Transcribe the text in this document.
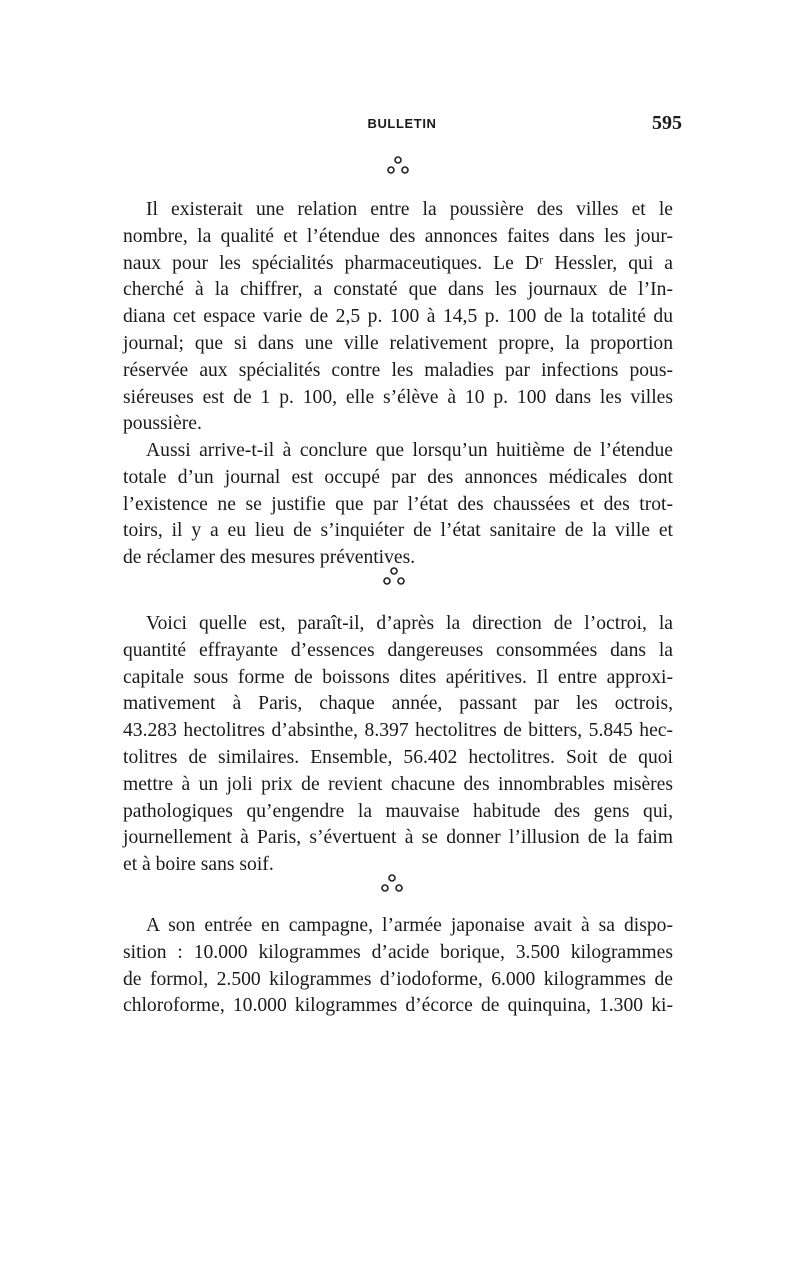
BULLETIN	595

Il existerait une relation entre la poussière des villes et le
nombre, la qualité et l’étendue des annonces faites dans les jour-
naux pour les spécialités pharmaceutiques. Le Dʳ Hessler, qui a
cherché à la chiffrer, a constaté que dans les journaux de l’In-
diana cet espace varie de 2,5 p. 100 à 14,5 p. 100 de la totalité du
journal; que si dans une ville relativement propre, la proportion
réservée aux spécialités contre les maladies par infections pous-
siéreuses est de 1 p. 100, elle s’élève à 10 p. 100 dans les villes
poussière.

Aussi arrive-t-il à conclure que lorsqu’un huitième de l’étendue
totale d’un journal est occupé par des annonces médicales dont
l’existence ne se justifie que par l’état des chaussées et des trot-
toirs, il y a eu lieu de s’inquiéter de l’état sanitaire de la ville et
de réclamer des mesures préventives.

Voici quelle est, paraît-il, d’après la direction de l’octroi, la
quantité effrayante d’essences dangereuses consommées dans la
capitale sous forme de boissons dites apéritives. Il entre approxi-
mativement à Paris, chaque année, passant par les octrois,
43.283 hectolitres d’absinthe, 8.397 hectolitres de bitters, 5.845 hec-
tolitres de similaires. Ensemble, 56.402 hectolitres. Soit de quoi
mettre à un joli prix de revient chacune des innombrables misères
pathologiques qu’engendre la mauvaise habitude des gens qui,
journellement à Paris, s’évertuent à se donner l’illusion de la faim
et à boire sans soif.

A son entrée en campagne, l’armée japonaise avait à sa dispo-
sition : 10.000 kilogrammes d’acide borique, 3.500 kilogrammes
de formol, 2.500 kilogrammes d’iodoforme, 6.000 kilogrammes de
chloroforme, 10.000 kilogrammes d’écorce de quinquina, 1.300 ki-
